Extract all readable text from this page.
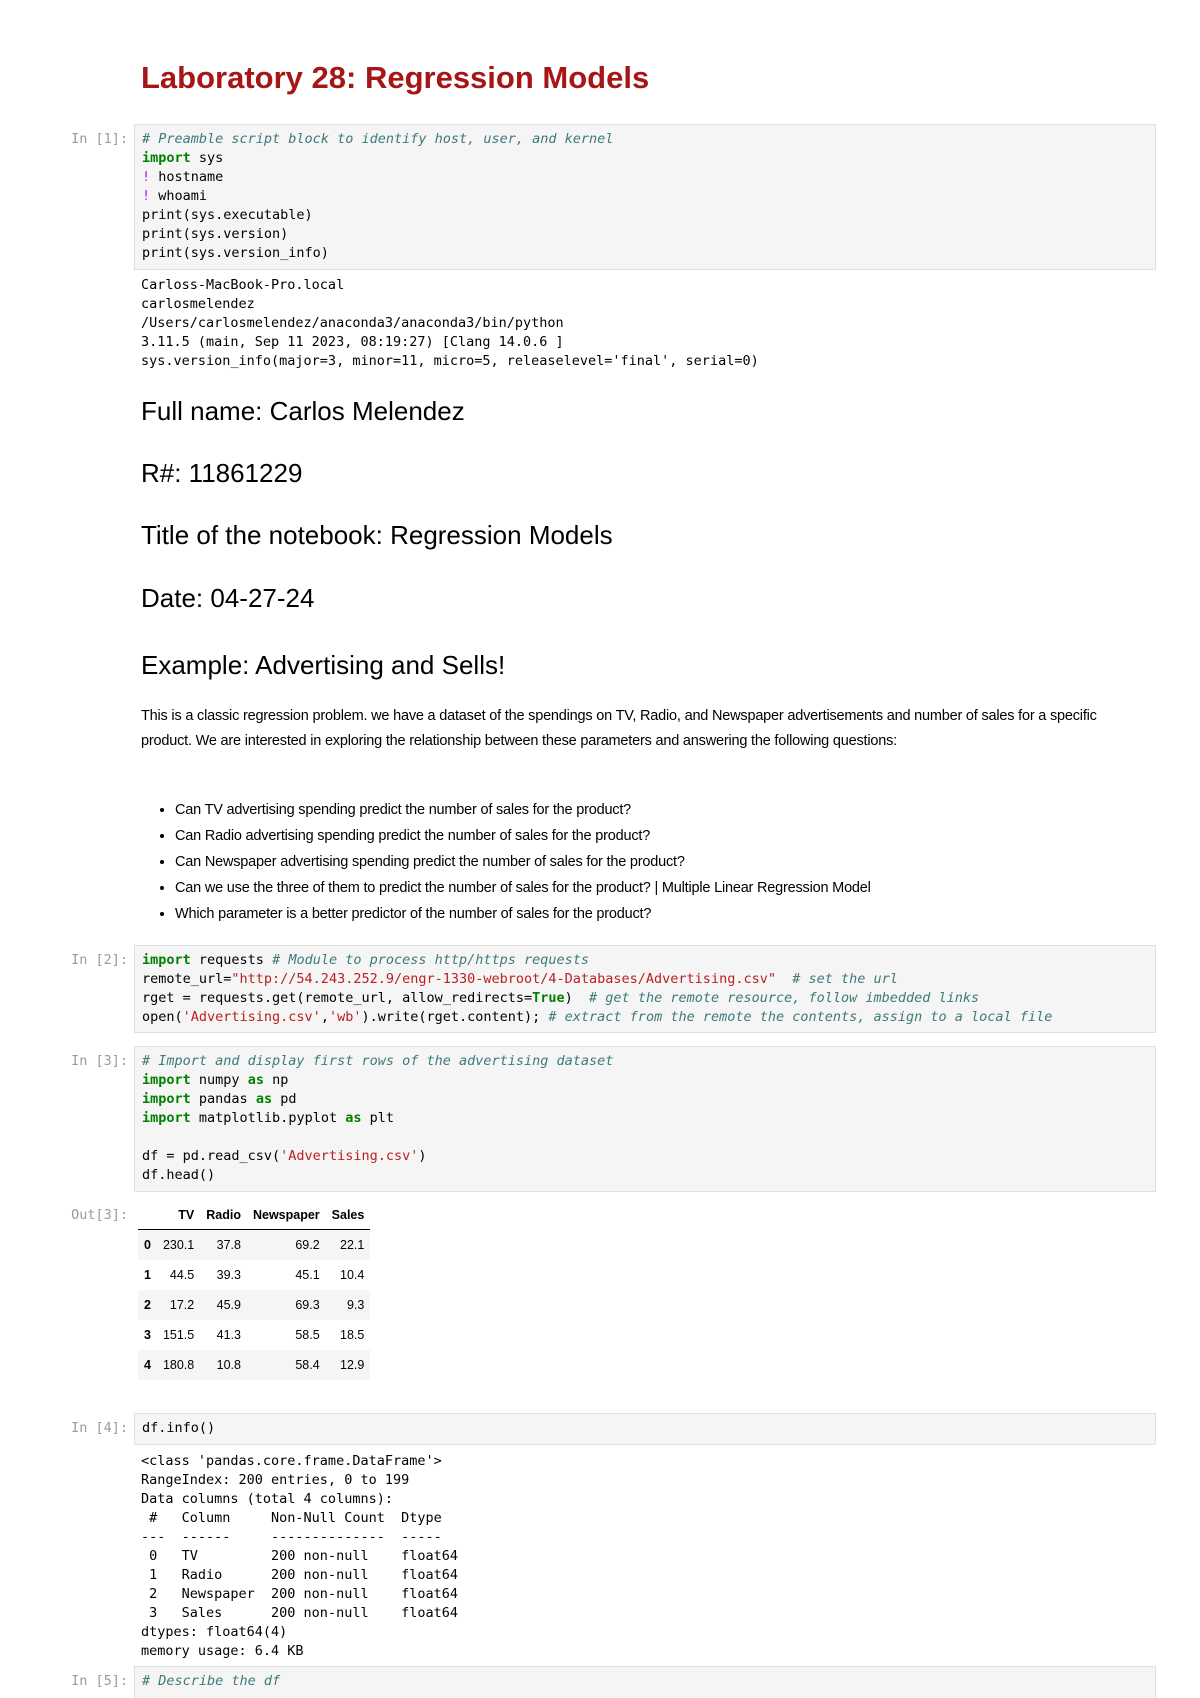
Laboratory 28: Regression Models
In [1]:	# Preamble script block to identify host, user, and kernel
import sys
! hostname
! whoami
print(sys.executable)
print(sys.version)
print(sys.version_info)
Carloss-MacBook-Pro.local
carlosmelendez
/Users/carlosmelendez/anaconda3/anaconda3/bin/python
3.11.5 (main, Sep 11 2023, 08:19:27) [Clang 14.0.6 ]
sys.version_info(major=3, minor=11, micro=5, releaselevel='final', serial=0)
Full name: Carlos Melendez
R#: 11861229
Title of the notebook: Regression Models
Date: 04-27-24
Example: Advertising and Sells!

This is a classic regression problem. we have a dataset of the spendings on TV, Radio, and Newspaper advertisements and number of sales for a specific product. We are interested in exploring the relationship between these parameters and answering the following questions:

• Can TV advertising spending predict the number of sales for the product?
• Can Radio advertising spending predict the number of sales for the product?
• Can Newspaper advertising spending predict the number of sales for the product?
• Can we use the three of them to predict the number of sales for the product? | Multiple Linear Regression Model
• Which parameter is a better predictor of the number of sales for the product?
In [2]:	import requests # Module to process http/https requests
remote_url="http://54.243.252.9/engr-1330-webroot/4-Databases/Advertising.csv"  # set the url
rget = requests.get(remote_url, allow_redirects=True)  # get the remote resource, follow imbedded links
open('Advertising.csv','wb').write(rget.content); # extract from the remote the contents, assign to a local file
In [3]:	# Import and display first rows of the advertising dataset
import numpy as np
import pandas as pd
import matplotlib.pyplot as plt

df = pd.read_csv('Advertising.csv')
df.head()
Out[3]:
		TV	Radio	Newspaper	Sales
0	230.1	37.8	69.2	22.1
1	44.5	39.3	45.1	10.4
2	17.2	45.9	69.3	9.3
3	151.5	41.3	58.5	18.5
4	180.8	10.8	58.4	12.9
In [4]:	df.info()
<class 'pandas.core.frame.DataFrame'>
RangeIndex: 200 entries, 0 to 199
Data columns (total 4 columns):
#   Column     Non-Null Count  Dtype
---  ------     --------------  -----
0   TV         200 non-null    float64
1   Radio      200 non-null    float64
2   Newspaper  200 non-null    float64
3   Sales      200 non-null    float64
dtypes: float64(4)
memory usage: 6.4 KB
In [5]:	# Describe the df
